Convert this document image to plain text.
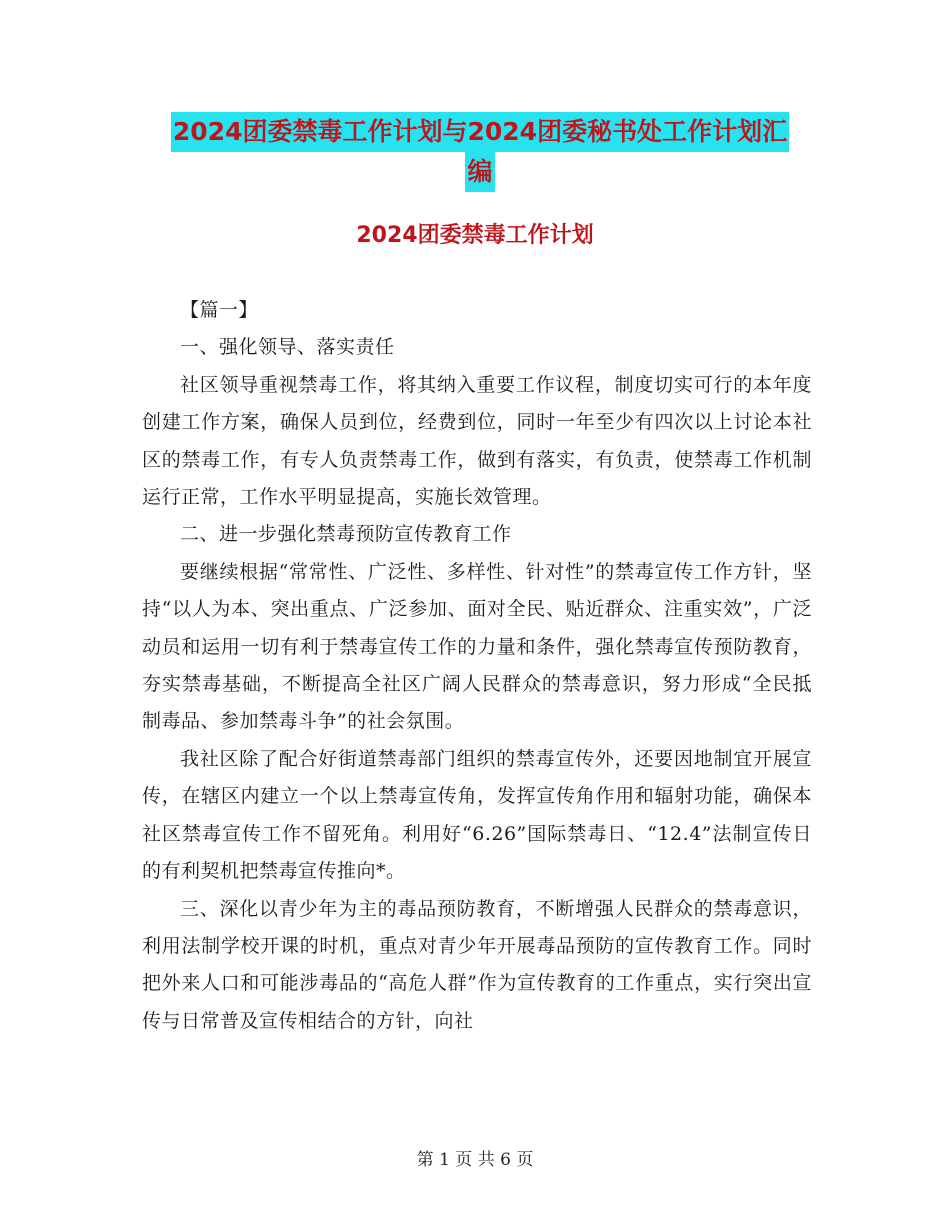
2024团委禁毒工作计划与2024团委秘书处工作计划汇
编
2024团委禁毒工作计划

【篇一】

一、强化领导、落实责任

社区领导重视禁毒工作，将其纳入重要工作议程，制度切实可行的本年度创建工作方案，确保人员到位，经费到位，同时一年至少有四次以上讨论本社区的禁毒工作，有专人负责禁毒工作，做到有落实，有负责，使禁毒工作机制运行正常，工作水平明显提高，实施长效管理。

二、进一步强化禁毒预防宣传教育工作

要继续根据“常常性、广泛性、多样性、针对性”的禁毒宣传工作方针，坚持“以人为本、突出重点、广泛参加、面对全民、贴近群众、注重实效”，广泛动员和运用一切有利于禁毒宣传工作的力量和条件，强化禁毒宣传预防教育，夯实禁毒基础，不断提高全社区广阔人民群众的禁毒意识，努力形成“全民抵制毒品、参加禁毒斗争”的社会氛围。

我社区除了配合好街道禁毒部门组织的禁毒宣传外，还要因地制宜开展宣传，在辖区内建立一个以上禁毒宣传角，发挥宣传角作用和辐射功能，确保本社区禁毒宣传工作不留死角。利用好“6.26”国际禁毒日、“12.4”法制宣传日的有利契机把禁毒宣传推向*。

三、深化以青少年为主的毒品预防教育，不断增强人民群众的禁毒意识，利用法制学校开课的时机，重点对青少年开展毒品预防的宣传教育工作。同时把外来人口和可能涉毒品的“高危人群”作为宣传教育的工作重点，实行突出宣传与日常普及宣传相结合的方针，向社

第 1 页 共 6 页
